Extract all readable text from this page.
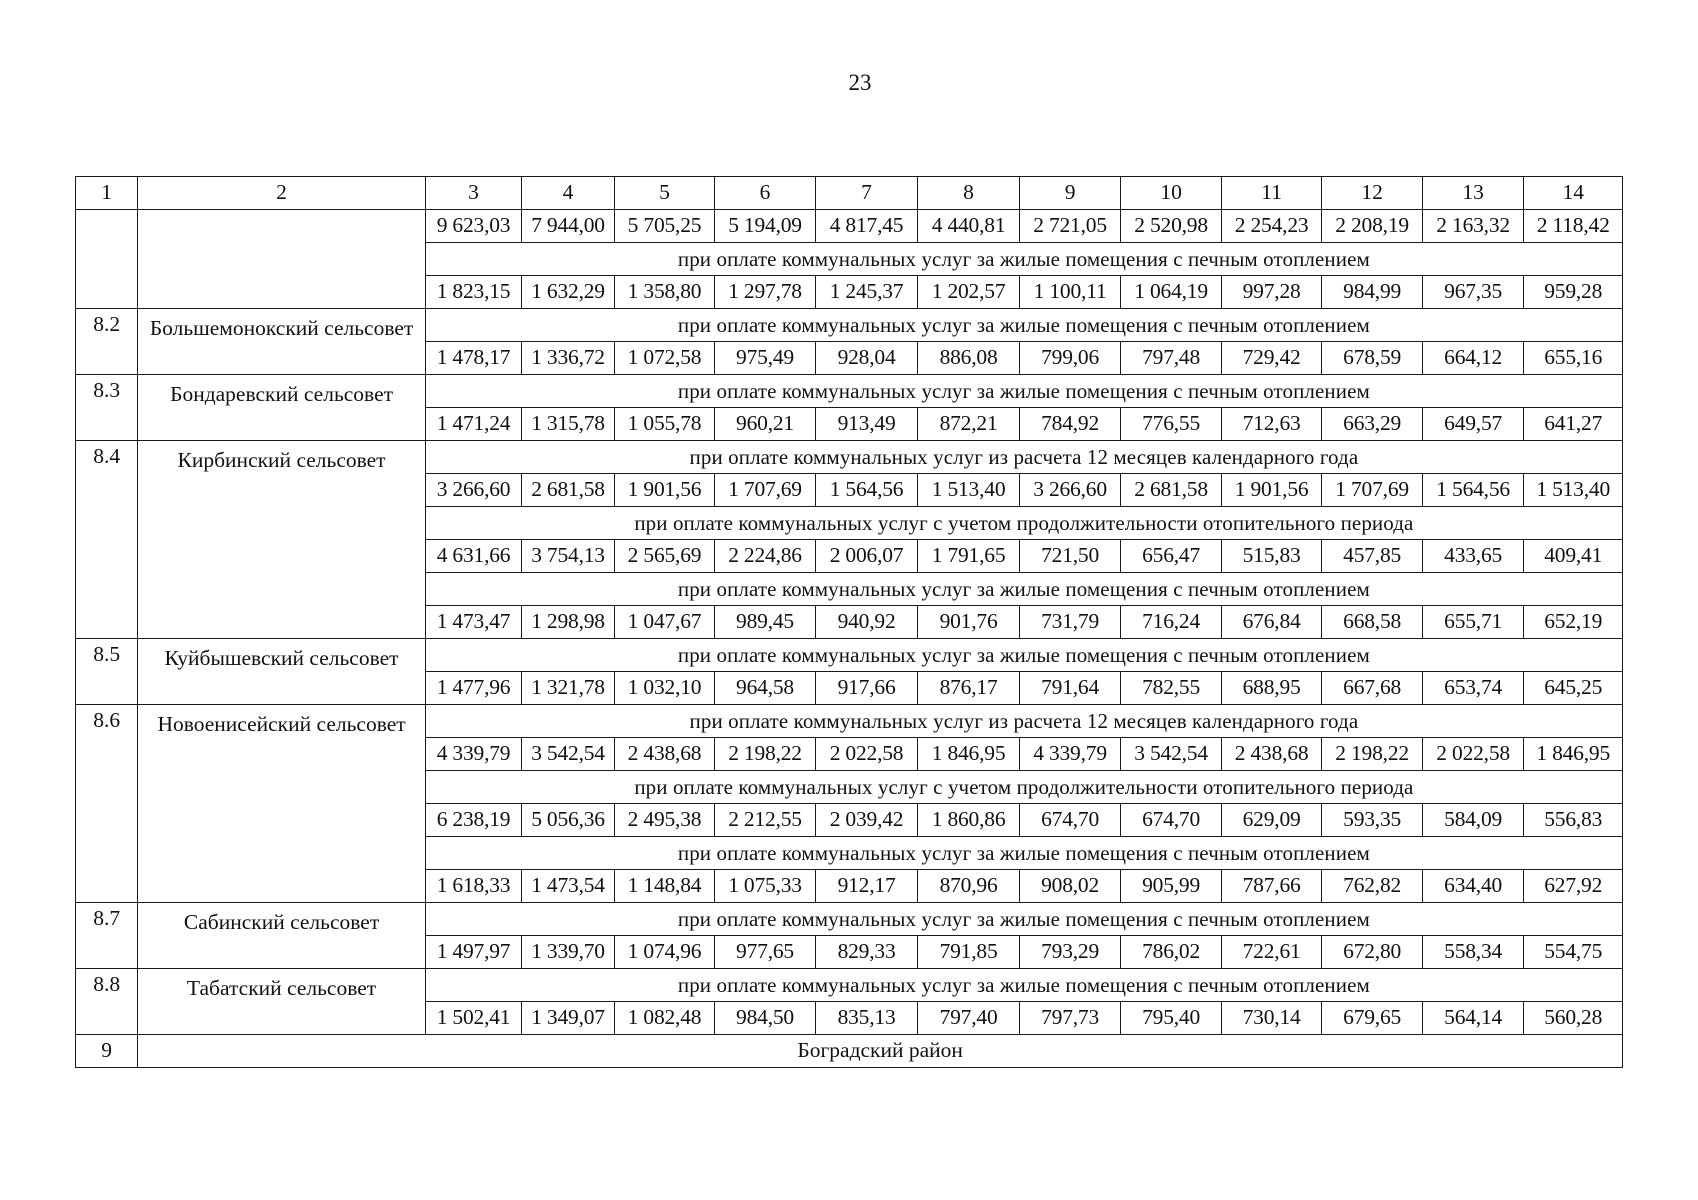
23
1	2	3	4	5	6	7	8	9	10	11	12	13	14
		9 623,03	7 944,00	5 705,25	5 194,09	4 817,45	4 440,81	2 721,05	2 520,98	2 254,23	2 208,19	2 163,32	2 118,42
		при оплате коммунальных услуг за жилые помещения с печным отоплением											
		1 823,15	1 632,29	1 358,80	1 297,78	1 245,37	1 202,57	1 100,11	1 064,19	997,28	984,99	967,35	959,28
8.2	Большемонокский сельсовет	при оплате коммунальных услуг за жилые помещения с печным отоплением											
		1 478,17	1 336,72	1 072,58	975,49	928,04	886,08	799,06	797,48	729,42	678,59	664,12	655,16
8.3	Бондаревский сельсовет	при оплате коммунальных услуг за жилые помещения с печным отоплением											
		1 471,24	1 315,78	1 055,78	960,21	913,49	872,21	784,92	776,55	712,63	663,29	649,57	641,27
8.4	Кирбинский сельсовет	при оплате коммунальных услуг из расчета 12 месяцев календарного года											
		3 266,60	2 681,58	1 901,56	1 707,69	1 564,56	1 513,40	3 266,60	2 681,58	1 901,56	1 707,69	1 564,56	1 513,40
		при оплате коммунальных услуг с учетом продолжительности отопительного периода											
		4 631,66	3 754,13	2 565,69	2 224,86	2 006,07	1 791,65	721,50	656,47	515,83	457,85	433,65	409,41
		при оплате коммунальных услуг за жилые помещения с печным отоплением											
		1 473,47	1 298,98	1 047,67	989,45	940,92	901,76	731,79	716,24	676,84	668,58	655,71	652,19
8.5	Куйбышевский сельсовет	при оплате коммунальных услуг за жилые помещения с печным отоплением											
		1 477,96	1 321,78	1 032,10	964,58	917,66	876,17	791,64	782,55	688,95	667,68	653,74	645,25
8.6	Новоенисейский сельсовет	при оплате коммунальных услуг из расчета 12 месяцев календарного года											
		4 339,79	3 542,54	2 438,68	2 198,22	2 022,58	1 846,95	4 339,79	3 542,54	2 438,68	2 198,22	2 022,58	1 846,95
		при оплате коммунальных услуг с учетом продолжительности отопительного периода											
		6 238,19	5 056,36	2 495,38	2 212,55	2 039,42	1 860,86	674,70	674,70	629,09	593,35	584,09	556,83
		при оплате коммунальных услуг за жилые помещения с печным отоплением											
		1 618,33	1 473,54	1 148,84	1 075,33	912,17	870,96	908,02	905,99	787,66	762,82	634,40	627,92
8.7	Сабинский сельсовет	при оплате коммунальных услуг за жилые помещения с печным отоплением											
		1 497,97	1 339,70	1 074,96	977,65	829,33	791,85	793,29	786,02	722,61	672,80	558,34	554,75
8.8	Табатский сельсовет	при оплате коммунальных услуг за жилые помещения с печным отоплением											
		1 502,41	1 349,07	1 082,48	984,50	835,13	797,40	797,73	795,40	730,14	679,65	564,14	560,28
9	Боградский район												
